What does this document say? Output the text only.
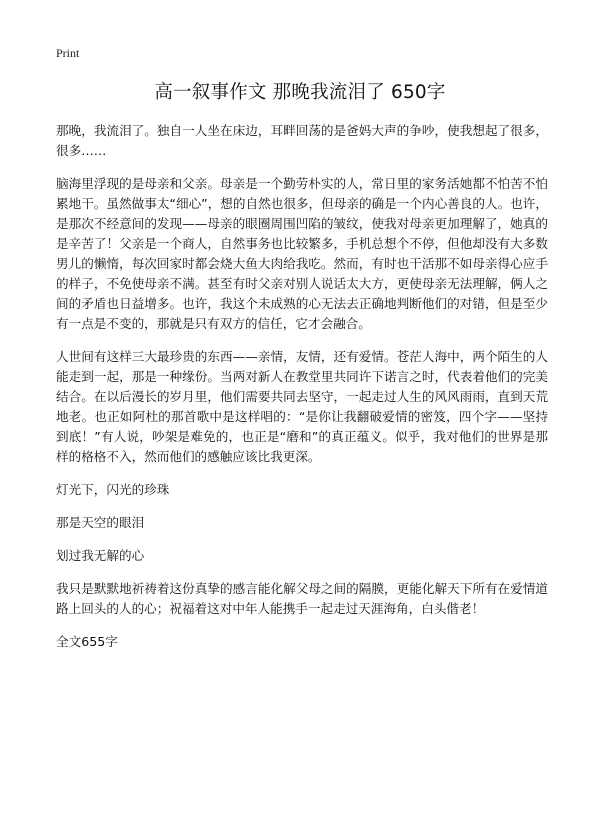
Print
高一叙事作文 那晚我流泪了 650字

那晚，我流泪了。独自一人坐在床边，耳畔回荡的是爸妈大声的争吵，使我想起了很多，很多……

脑海里浮现的是母亲和父亲。母亲是一个勤劳朴实的人，常日里的家务活她都不怕苦不怕累地干。虽然做事太“细心”，想的自然也很多，但母亲的确是一个内心善良的人。也许，是那次不经意间的发现——母亲的眼圈周围凹陷的皱纹，使我对母亲更加理解了，她真的是辛苦了！父亲是一个商人，自然事务也比较繁多，手机总想个不停，但他却没有大多数男儿的懒惰，每次回家时都会烧大鱼大肉给我吃。然而，有时也干活那不如母亲得心应手的样子，不免使母亲不满。甚至有时父亲对别人说话太大方，更使母亲无法理解，俩人之间的矛盾也日益增多。也许，我这个未成熟的心无法去正确地判断他们的对错，但是至少有一点是不变的，那就是只有双方的信任，它才会融合。

人世间有这样三大最珍贵的东西——亲情，友情，还有爱情。苍茫人海中，两个陌生的人能走到一起，那是一种缘份。当两对新人在教堂里共同许下诺言之时，代表着他们的完美结合。在以后漫长的岁月里，他们需要共同去坚守，一起走过人生的风风雨雨，直到天荒地老。也正如阿杜的那首歌中是这样唱的：“是你让我翻破爱情的密笈，四个字——坚持到底！”有人说，吵架是难免的，也正是“磨和”的真正蕴义。似乎，我对他们的世界是那样的格格不入，然而他们的感触应该比我更深。

灯光下，闪光的珍珠

那是天空的眼泪

划过我无解的心

我只是默默地祈祷着这份真挚的感言能化解父母之间的隔膜，更能化解天下所有在爱情道路上回头的人的心；祝福着这对中年人能携手一起走过天涯海角，白头偕老！

全文655字
